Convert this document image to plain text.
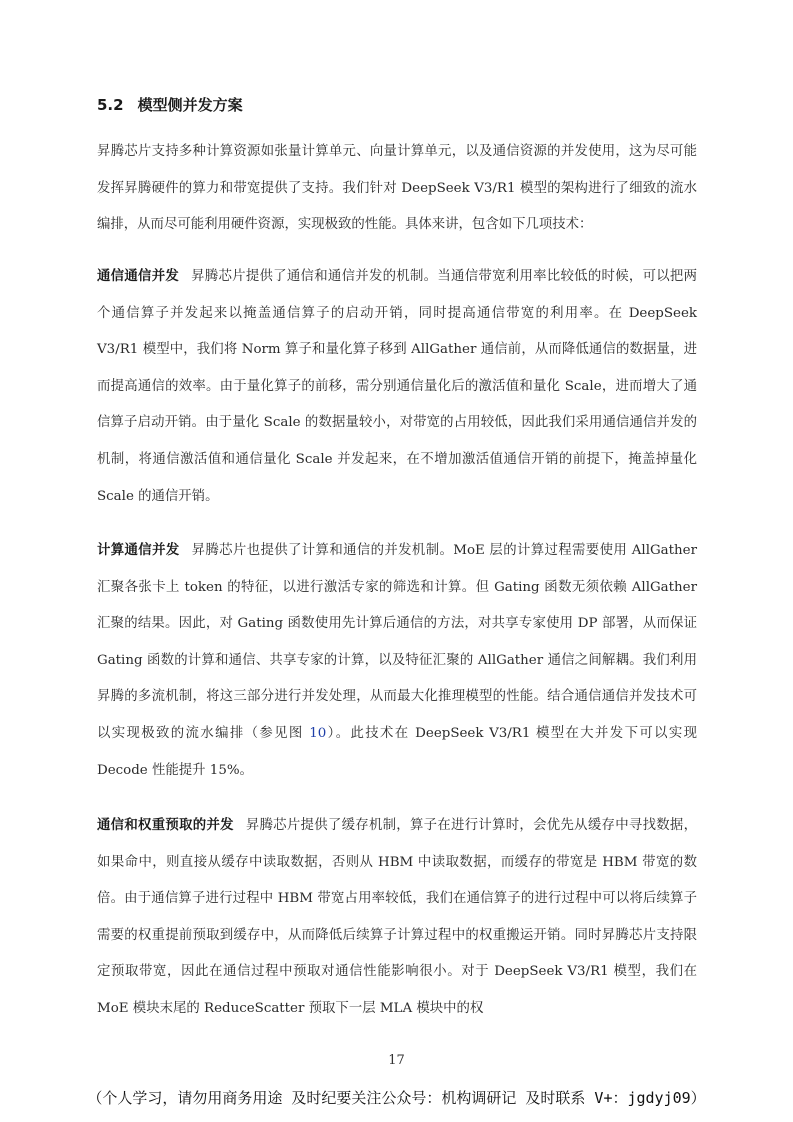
5.2 模型侧并发方案
昇腾芯片支持多种计算资源如张量计算单元、向量计算单元，以及通信资源的并发使用，这为尽可能发挥昇腾硬件的算力和带宽提供了支持。我们针对 DeepSeek V3/R1 模型的架构进行了细致的流水编排，从而尽可能利用硬件资源，实现极致的性能。具体来讲，包含如下几项技术：
通信通信并发 昇腾芯片提供了通信和通信并发的机制。当通信带宽利用率比较低的时候，可以把两个通信算子并发起来以掩盖通信算子的启动开销，同时提高通信带宽的利用率。在 DeepSeek V3/R1 模型中，我们将 Norm 算子和量化算子移到 AllGather 通信前，从而降低通信的数据量，进而提高通信的效率。由于量化算子的前移，需分别通信量化后的激活值和量化 Scale，进而增大了通信算子启动开销。由于量化 Scale 的数据量较小，对带宽的占用较低，因此我们采用通信通信并发的机制，将通信激活值和通信量化 Scale 并发起来，在不增加激活值通信开销的前提下，掩盖掉量化 Scale 的通信开销。
计算通信并发 昇腾芯片也提供了计算和通信的并发机制。MoE 层的计算过程需要使用 AllGather 汇聚各张卡上 token 的特征，以进行激活专家的筛选和计算。但 Gating 函数无须依赖 AllGather 汇聚的结果。因此，对 Gating 函数使用先计算后通信的方法，对共享专家使用 DP 部署，从而保证 Gating 函数的计算和通信、共享专家的计算，以及特征汇聚的 AllGather 通信之间解耦。我们利用昇腾的多流机制，将这三部分进行并发处理，从而最大化推理模型的性能。结合通信通信并发技术可以实现极致的流水编排（参见图 10）。此技术在 DeepSeek V3/R1 模型在大并发下可以实现 Decode 性能提升 15%。
通信和权重预取的并发 昇腾芯片提供了缓存机制，算子在进行计算时，会优先从缓存中寻找数据，如果命中，则直接从缓存中读取数据，否则从 HBM 中读取数据，而缓存的带宽是 HBM 带宽的数倍。由于通信算子进行过程中 HBM 带宽占用率较低，我们在通信算子的进行过程中可以将后续算子需要的权重提前预取到缓存中，从而降低后续算子计算过程中的权重搬运开销。同时昇腾芯片支持限定预取带宽，因此在通信过程中预取对通信性能影响很小。对于 DeepSeek V3/R1 模型，我们在 MoE 模块末尾的 ReduceScatter 预取下一层 MLA 模块中的权
17
（个人学习，请勿用商务用途 及时纪要关注公众号：机构调研记 及时联系 V+：jgdyj09）
